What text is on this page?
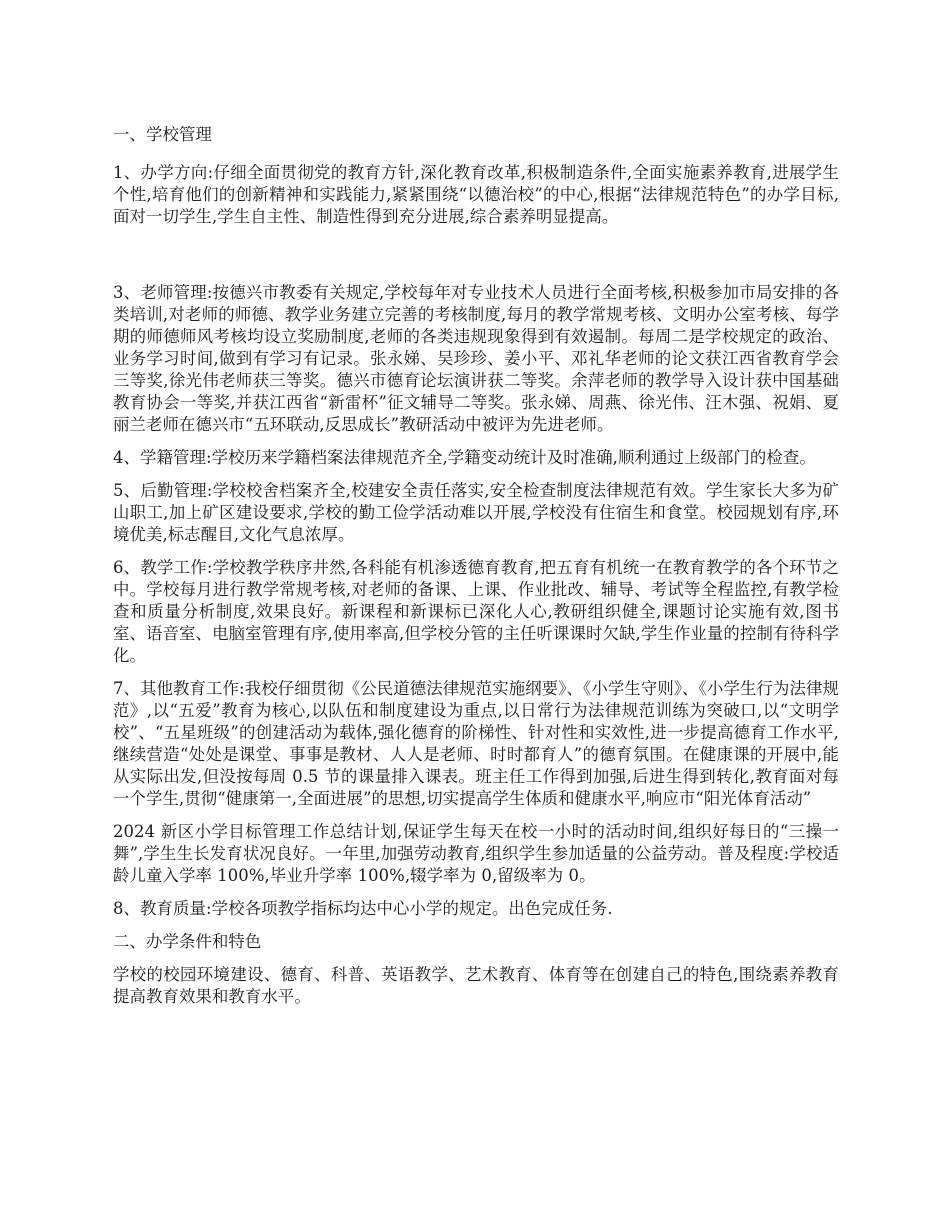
一、学校管理

1、办学方向:仔细全面贯彻党的教育方针,深化教育改革,积极制造条件,全面实施素养教育,进展学生个性,培育他们的创新精神和实践能力,紧紧围绕“以德治校”的中心,根据“法律规范特色”的办学目标,面对一切学生,学生自主性、制造性得到充分进展,综合素养明显提高。

3、老师管理:按德兴市教委有关规定,学校每年对专业技术人员进行全面考核,积极参加市局安排的各类培训,对老师的师德、教学业务建立完善的考核制度,每月的教学常规考核、文明办公室考核、每学期的师德师风考核均设立奖励制度,老师的各类违规现象得到有效遏制。每周二是学校规定的政治、业务学习时间,做到有学习有记录。张永娣、吴珍珍、姜小平、邓礼华老师的论文获江西省教育学会三等奖,徐光伟老师获三等奖。德兴市德育论坛演讲获二等奖。余萍老师的教学导入设计获中国基础教育协会一等奖,并获江西省“新雷杯”征文辅导二等奖。张永娣、周燕、徐光伟、汪木强、祝娟、夏丽兰老师在德兴市“五环联动,反思成长”教研活动中被评为先进老师。

4、学籍管理:学校历来学籍档案法律规范齐全,学籍变动统计及时准确,顺利通过上级部门的检查。

5、后勤管理:学校校舍档案齐全,校建安全责任落实,安全检查制度法律规范有效。学生家长大多为矿山职工,加上矿区建设要求,学校的勤工俭学活动难以开展,学校没有住宿生和食堂。校园规划有序,环境优美,标志醒目,文化气息浓厚。

6、教学工作:学校教学秩序井然,各科能有机渗透德育教育,把五育有机统一在教育教学的各个环节之中。学校每月进行教学常规考核,对老师的备课、上课、作业批改、辅导、考试等全程监控,有教学检查和质量分析制度,效果良好。新课程和新课标已深化人心,教研组织健全,课题讨论实施有效,图书室、语音室、电脑室管理有序,使用率高,但学校分管的主任听课课时欠缺,学生作业量的控制有待科学化。

7、其他教育工作:我校仔细贯彻《公民道德法律规范实施纲要》、《小学生守则》、《小学生行为法律规范》,以“五爱”教育为核心,以队伍和制度建设为重点,以日常行为法律规范训练为突破口,以“文明学校”、“五星班级”的创建活动为载体,强化德育的阶梯性、针对性和实效性,进一步提高德育工作水平,继续营造“处处是课堂、事事是教材、人人是老师、时时都育人”的德育氛围。在健康课的开展中,能从实际出发,但没按每周 0.5 节的课量排入课表。班主任工作得到加强,后进生得到转化,教育面对每一个学生,贯彻“健康第一,全面进展”的思想,切实提高学生体质和健康水平,响应市“阳光体育活动”

2024 新区小学目标管理工作总结计划,保证学生每天在校一小时的活动时间,组织好每日的“三操一舞”,学生生长发育状况良好。一年里,加强劳动教育,组织学生参加适量的公益劳动。普及程度:学校适龄儿童入学率 100%,毕业升学率 100%,辍学率为 0,留级率为 0。

8、教育质量:学校各项教学指标均达中心小学的规定。出色完成任务.

二、办学条件和特色

学校的校园环境建设、德育、科普、英语教学、艺术教育、体育等在创建自己的特色,围绕素养教育提高教育效果和教育水平。
